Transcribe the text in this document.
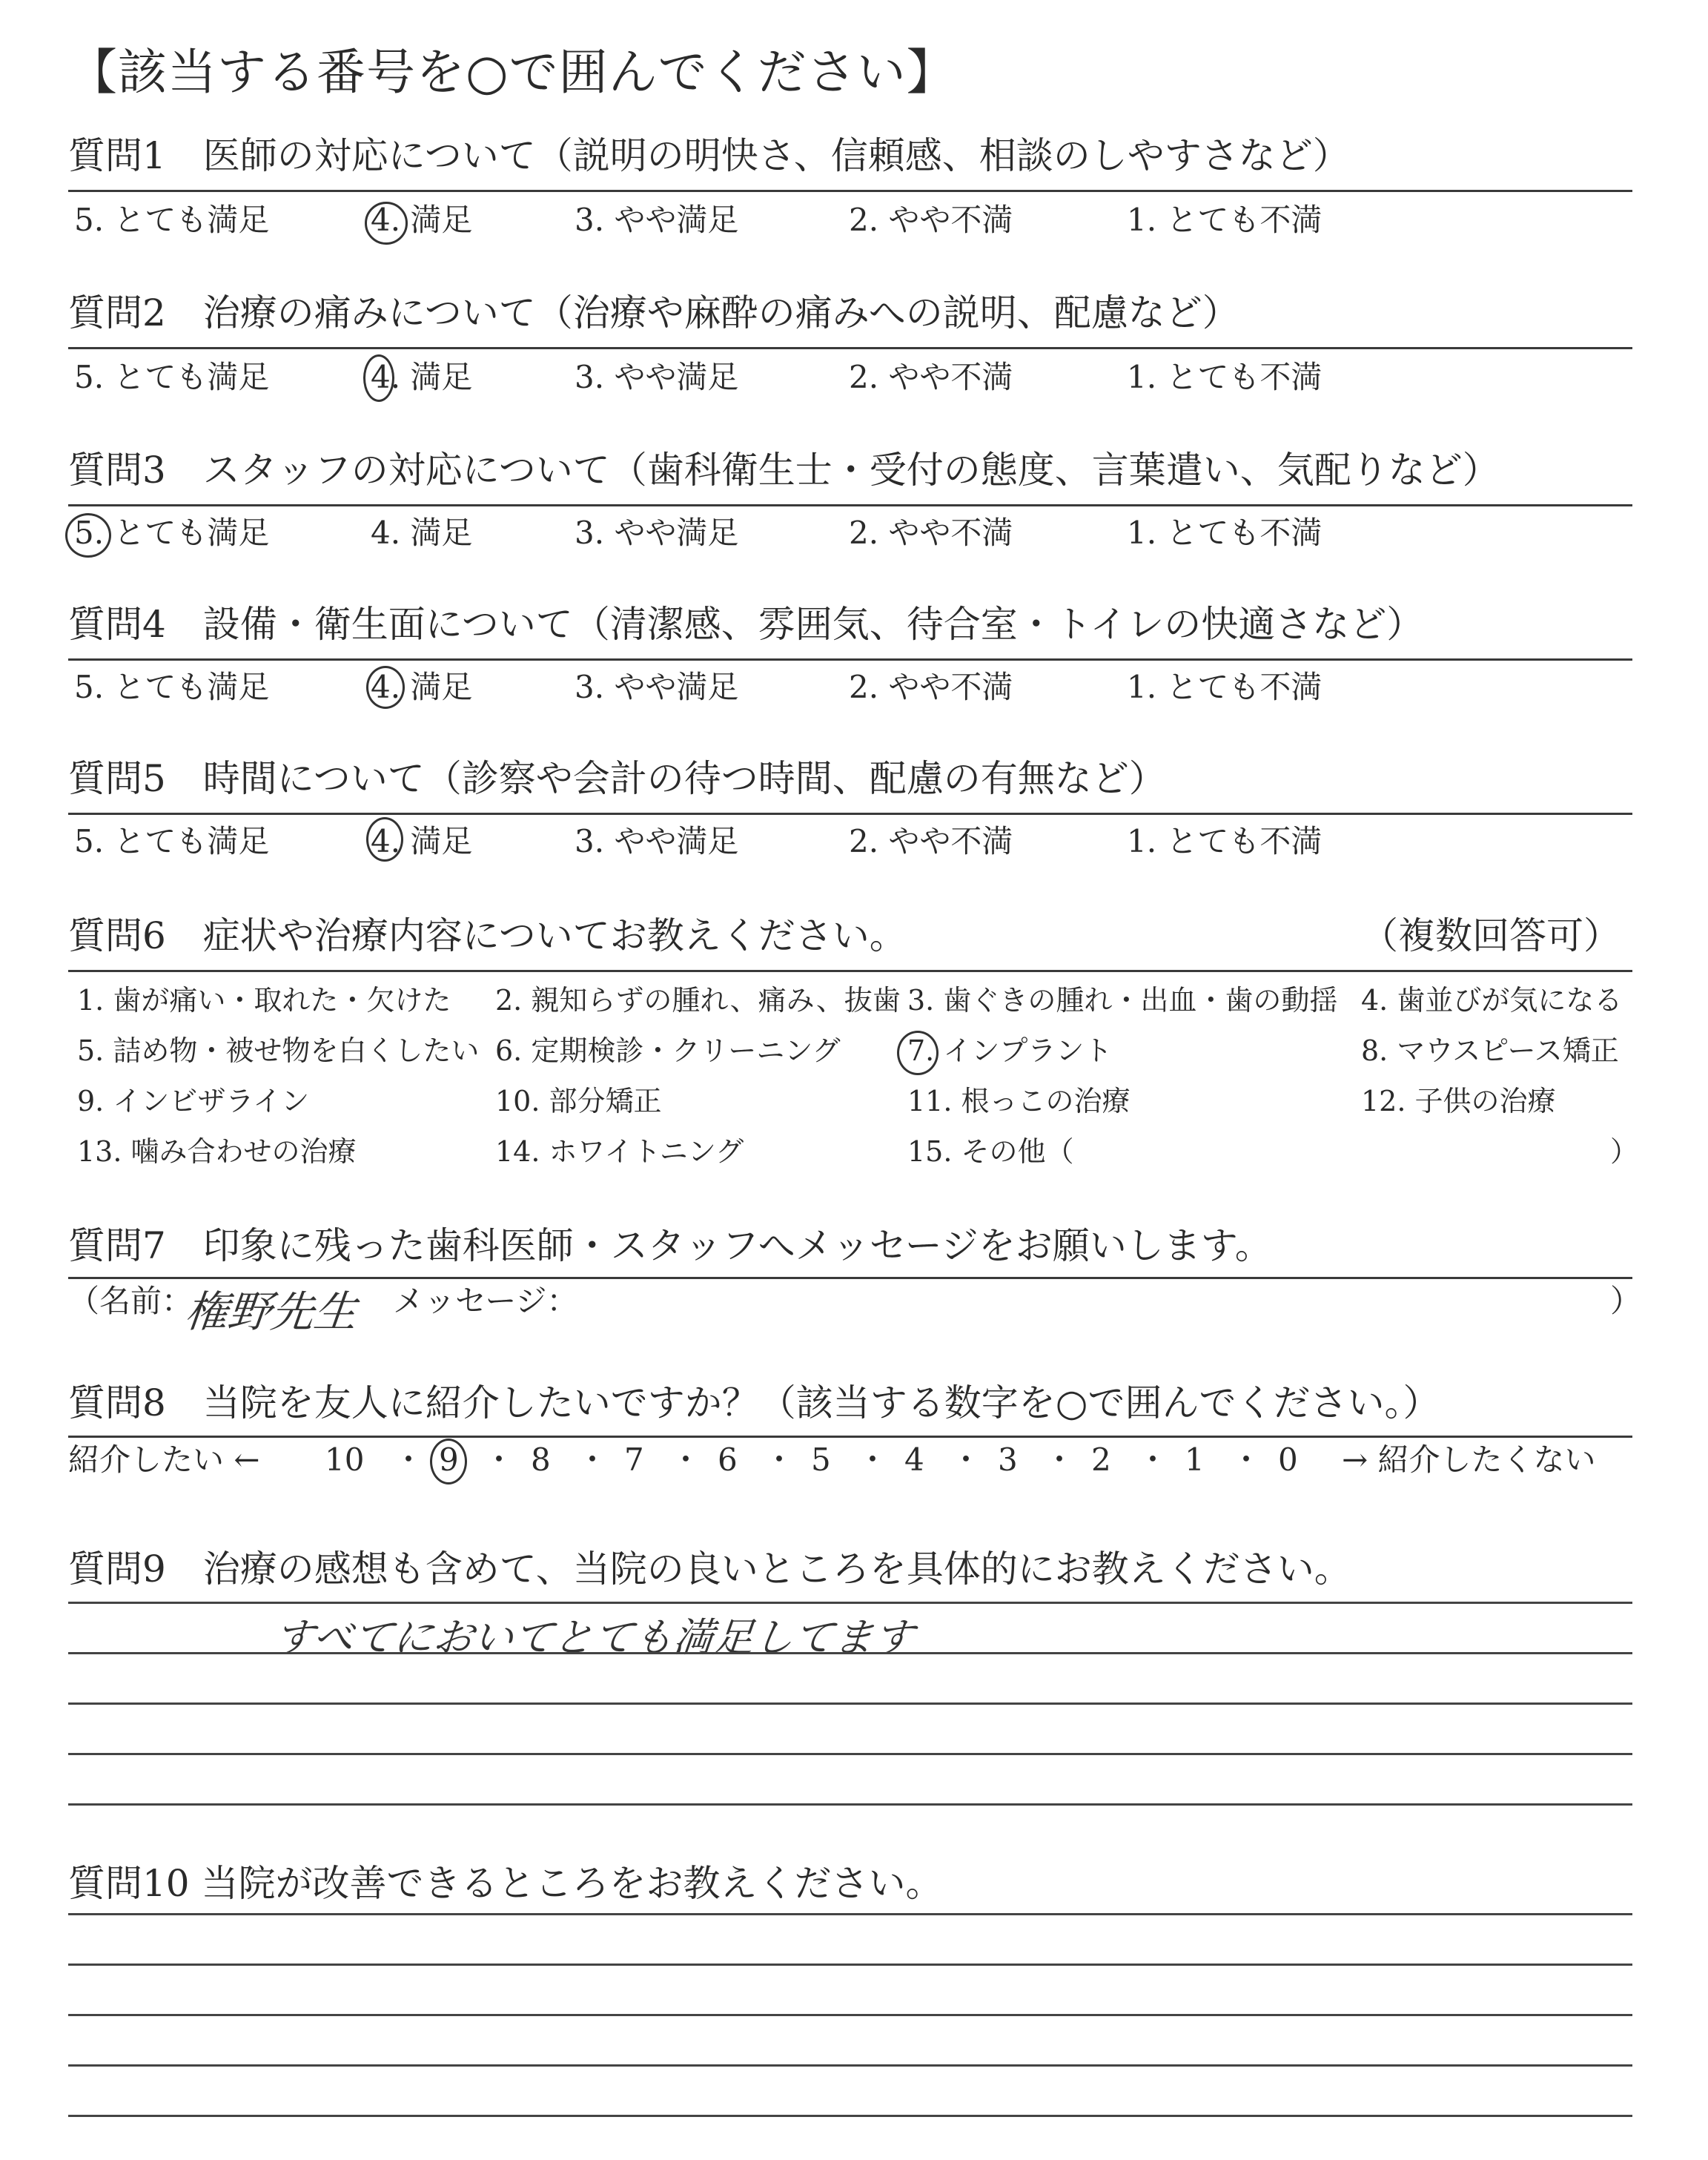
【該当する番号を○で囲んでください】
質問1　医師の対応について（説明の明快さ、信頼感、相談のしやすさなど）
5. とても満足	4. 満足	3. やや満足	2. やや不満	1. とても不満
質問2　治療の痛みについて（治療や麻酔の痛みへの説明、配慮など）
5. とても満足	4. 満足	3. やや満足	2. やや不満	1. とても不満
質問3　スタッフの対応について（歯科衛生士・受付の態度、言葉遣い、気配りなど）
5. とても満足	4. 満足	3. やや満足	2. やや不満	1. とても不満
質問4　設備・衛生面について（清潔感、雰囲気、待合室・トイレの快適さなど）
5. とても満足	4. 満足	3. やや満足	2. やや不満	1. とても不満
質問5　時間について（診察や会計の待つ時間、配慮の有無など）
5. とても満足	4. 満足	3. やや満足	2. やや不満	1. とても不満
質問6　症状や治療内容についてお教えください。	（複数回答可）
1. 歯が痛い・取れた・欠けた 2. 親知らずの腫れ、痛み、抜歯 3. 歯ぐきの腫れ・出血・歯の動揺 4. 歯並びが気になる
5. 詰め物・被せ物を白くしたい 6. 定期検診・クリーニング 7. インプラント	8. マウスピース矯正
9. インビザライン	10. 部分矯正	11. 根っこの治療	12. 子供の治療
13. 噛み合わせの治療	14. ホワイトニング	15. その他（	）
質問7　印象に残った歯科医師・スタッフへメッセージをお願いします。
（名前：
権野先生 メッセージ：	）
質問8　当院を友人に紹介したいですか？（該当する数字を○で囲んでください。）
紹介したい ← 10 ・ 9 ・ 8 ・ 7 ・ 6 ・ 5 ・ 4 ・ 3 ・ 2 ・ 1 ・ 0 → 紹介したくない
質問9　治療の感想も含めて、当院の良いところを具体的にお教えください。
すべてにおいてとても満足してます
質問10 当院が改善できるところをお教えください。
